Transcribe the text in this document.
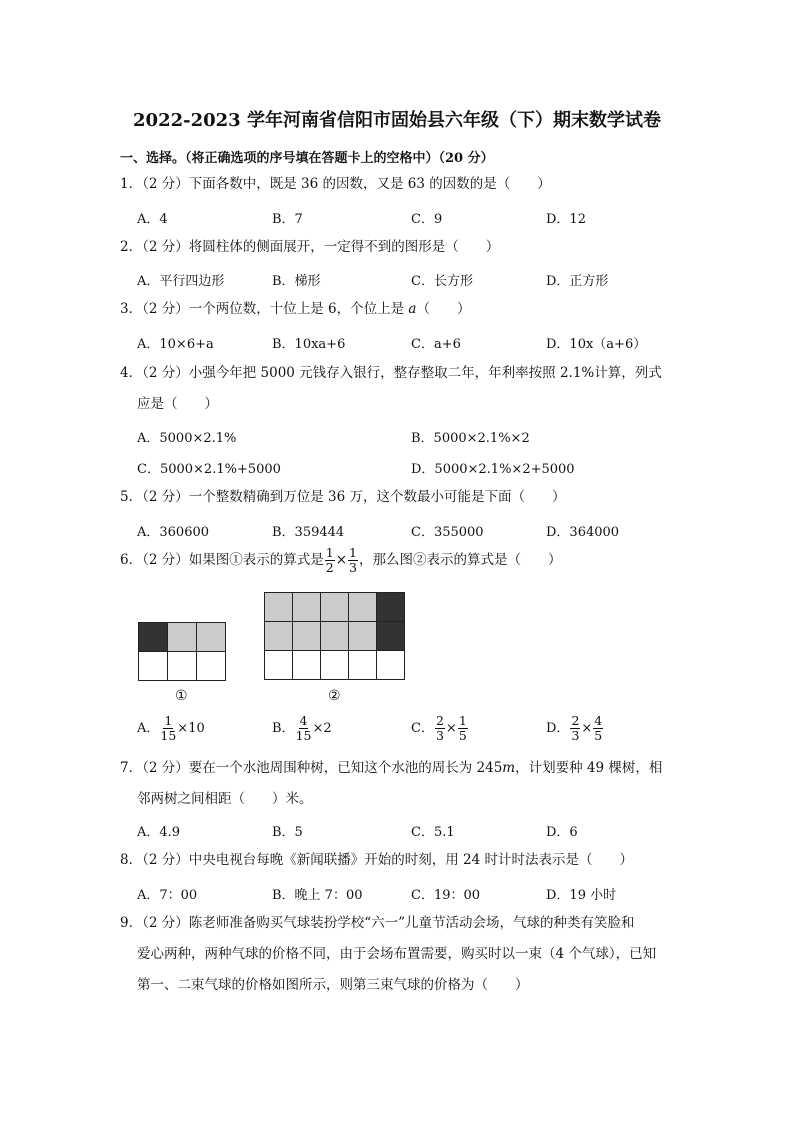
2022-2023 学年河南省信阳市固始县六年级（下）期末数学试卷
一、选择。（将正确选项的序号填在答题卡上的空格中）（20 分）
1．（2 分）下面各数中，既是 36 的因数，又是 63 的因数的是（　　）
A．4	B．7	C．9	D．12
2．（2 分）将圆柱体的侧面展开，一定得不到的图形是（　　）
A．平行四边形	B．梯形	C．长方形	D．正方形
3．（2 分）一个两位数，十位上是 6，个位上是 a（　　）
A．10×6+a	B．10xa+6	C．a+6	D．10x（a+6）
4．（2 分）小强今年把 5000 元钱存入银行，整存整取二年，年利率按照 2.1%计算，列式
应是（　　）
A．5000×2.1%	B．5000×2.1%×2
C．5000×2.1%+5000	D．5000×2.1%×2+5000
5．（2 分）一个整数精确到万位是 36 万，这个数最小可能是下面（　　）
A．360600	B．359444	C．355000	D．364000
6．（2 分）如果图①表示的算式是 $\frac{1}{2} \times \frac{1}{3}$ ，那么图②表示的算式是（　　）

①

					②
A． $\frac{1}{15} \times 10$	B． $\frac{4}{15} \times 2$	C． $\frac{2}{3} \times \frac{1}{5}$	D． $\frac{2}{3} \times \frac{4}{5}$
7．（2 分）要在一个水池周围种树，已知这个水池的周长为 245m，计划要种 49 棵树，相
邻两树之间相距（　　）米。
A．4.9	B．5	C．5.1	D．6
8．（2 分）中央电视台每晚《新闻联播》开始的时刻，用 24 时计时法表示是（　　）
A．7：00	B．晚上 7：00	C．19：00	D．19 小时
9．（2 分）陈老师准备购买气球装扮学校“六一”儿童节活动会场，气球的种类有笑脸和
爱心两种，两种气球的价格不同，由于会场布置需要，购买时以一束（4 个气球），已知
第一、二束气球的价格如图所示，则第三束气球的价格为（　　）
